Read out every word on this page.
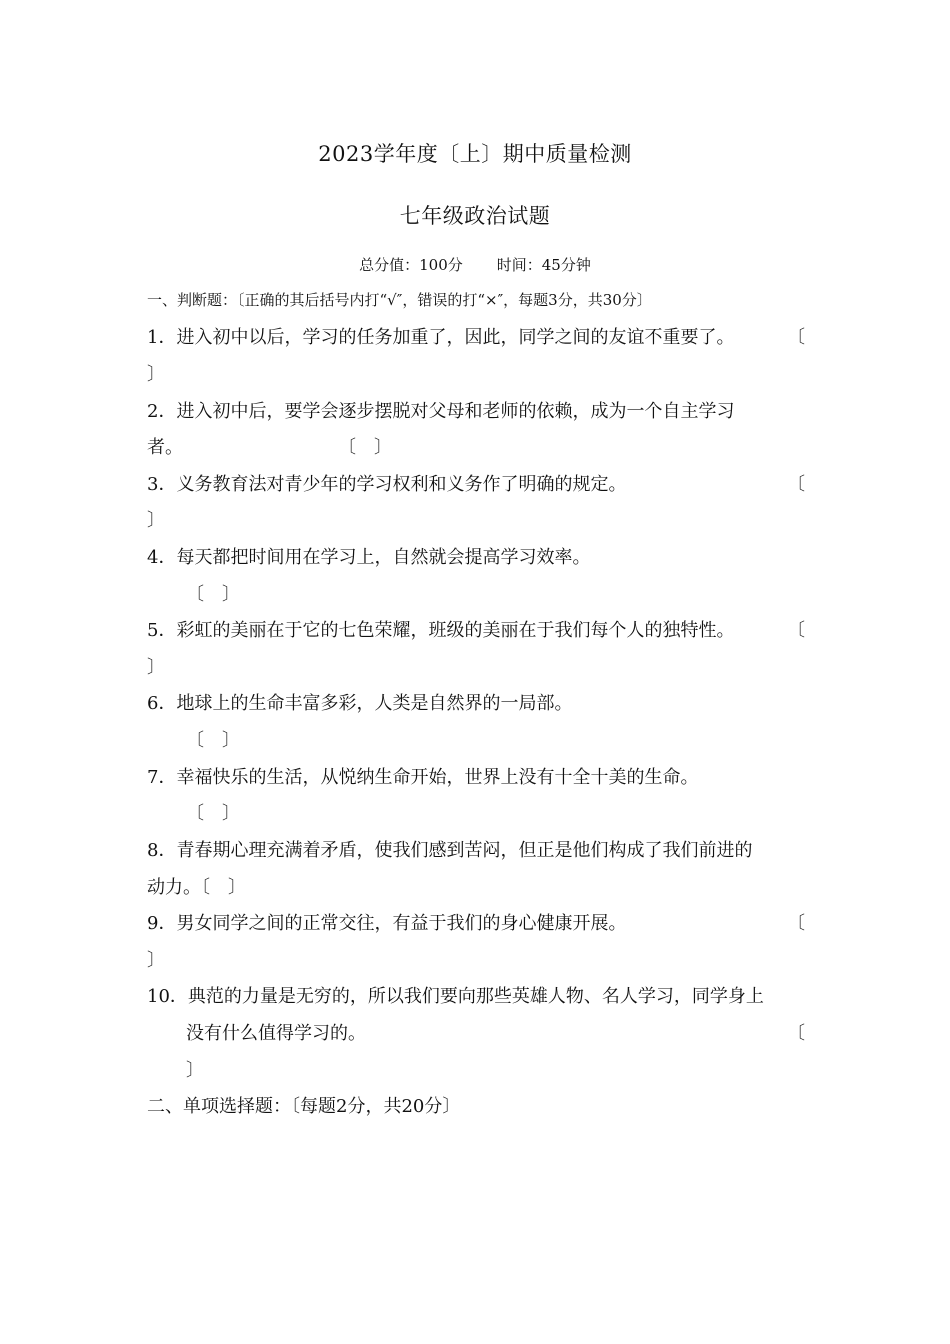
2023学年度〔上〕期中质量检测
七年级政治试题
总分值：100分 时间：45分钟
一、判断题：〔正确的其后括号内打“√″，错误的打“×″，每题3分，共30分〕
1．进入初中以后，学习的任务加重了，因此，同学之间的友谊不重要了。	〔
〕
2．进入初中后，要学会逐步摆脱对父母和老师的依赖，成为一个自主学习
者。	〔　〕
3．义务教育法对青少年的学习权利和义务作了明确的规定。	〔
〕
4．每天都把时间用在学习上，自然就会提高学习效率。
〔　〕
5．彩虹的美丽在于它的七色荣耀，班级的美丽在于我们每个人的独特性。	〔
〕
6．地球上的生命丰富多彩，人类是自然界的一局部。
〔　〕
7．幸福快乐的生活，从悦纳生命开始，世界上没有十全十美的生命。
〔　〕
8．青春期心理充满着矛盾，使我们感到苦闷，但正是他们构成了我们前进的
动力。〔　〕
9．男女同学之间的正常交往，有益于我们的身心健康开展。	〔
〕
10．典范的力量是无穷的，所以我们要向那些英雄人物、名人学习，同学身上
没有什么值得学习的。	〔
〕
二、单项选择题：〔每题2分，共20分〕
